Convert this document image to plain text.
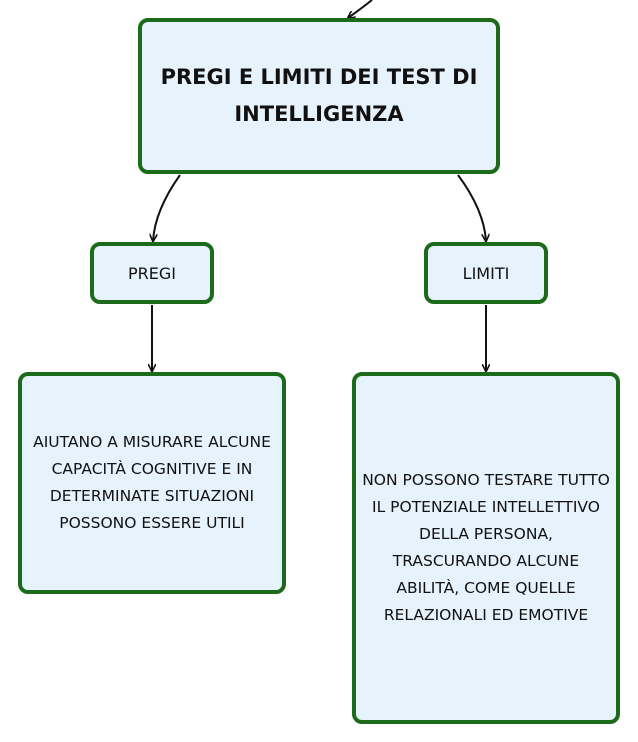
PREGI E LIMITI DEI TEST DI INTELLIGENZA
PREGI	LIMITI
AIUTANO A MISURARE ALCUNE CAPACITÀ COGNITIVE E IN DETERMINATE SITUAZIONI POSSONO ESSERE UTILI
NON POSSONO TESTARE TUTTO IL POTENZIALE INTELLETTIVO DELLA PERSONA, TRASCURANDO ALCUNE ABILITÀ, COME QUELLE RELAZIONALI ED EMOTIVE
